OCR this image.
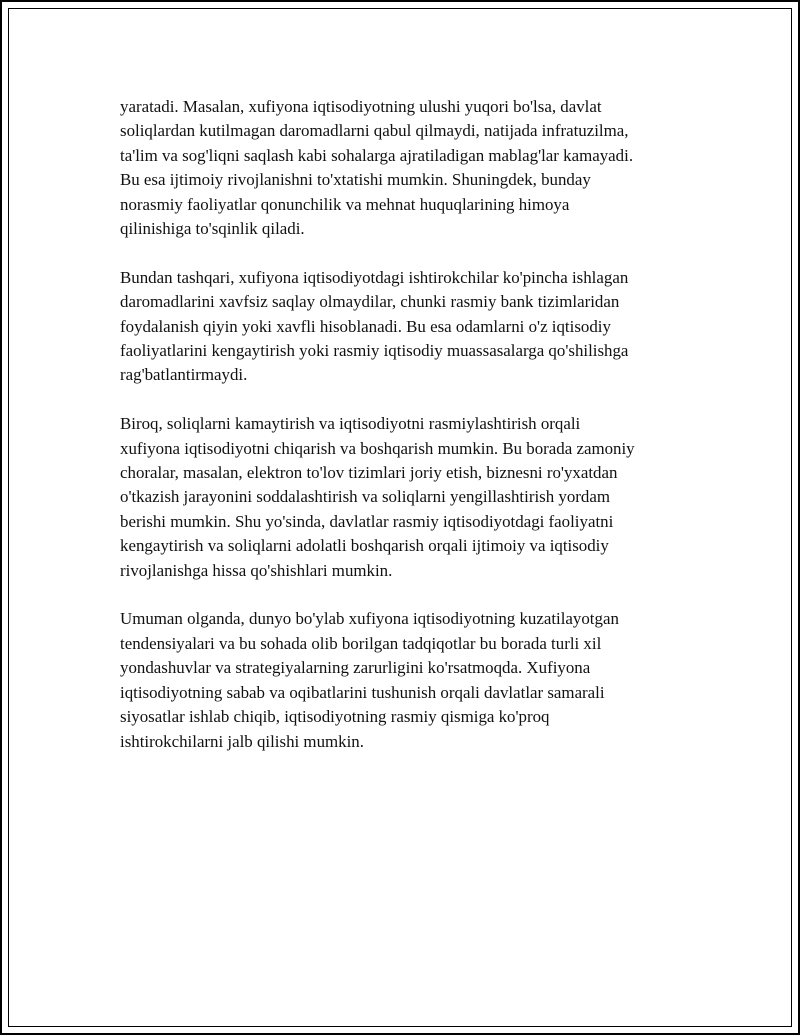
yaratadi. Masalan, xufiyona iqtisodiyotning ulushi yuqori bo'lsa, davlat
soliqlardan kutilmagan daromadlarni qabul qilmaydi, natijada infratuzilma,
ta'lim va sog'liqni saqlash kabi sohalarga ajratiladigan mablag'lar kamayadi.
Bu esa ijtimoiy rivojlanishni to'xtatishi mumkin. Shuningdek, bunday
norasmiy faoliyatlar qonunchilik va mehnat huquqlarining himoya
qilinishiga to'sqinlik qiladi.

Bundan tashqari, xufiyona iqtisodiyotdagi ishtirokchilar ko'pincha ishlagan
daromadlarini xavfsiz saqlay olmaydilar, chunki rasmiy bank tizimlaridan
foydalanish qiyin yoki xavfli hisoblanadi. Bu esa odamlarni o'z iqtisodiy
faoliyatlarini kengaytirish yoki rasmiy iqtisodiy muassasalarga qo'shilishga
rag'batlantirmaydi.

Biroq, soliqlarni kamaytirish va iqtisodiyotni rasmiylashtirish orqali
xufiyona iqtisodiyotni chiqarish va boshqarish mumkin. Bu borada zamoniy
choralar, masalan, elektron to'lov tizimlari joriy etish, biznesni ro'yxatdan
o'tkazish jarayonini soddalashtirish va soliqlarni yengillashtirish yordam
berishi mumkin. Shu yo'sinda, davlatlar rasmiy iqtisodiyotdagi faoliyatni
kengaytirish va soliqlarni adolatli boshqarish orqali ijtimoiy va iqtisodiy
rivojlanishga hissa qo'shishlari mumkin.

Umuman olganda, dunyo bo'ylab xufiyona iqtisodiyotning kuzatilayotgan
tendensiyalari va bu sohada olib borilgan tadqiqotlar bu borada turli xil
yondashuvlar va strategiyalarning zarurligini ko'rsatmoqda. Xufiyona
iqtisodiyotning sabab va oqibatlarini tushunish orqali davlatlar samarali
siyosatlar ishlab chiqib, iqtisodiyotning rasmiy qismiga ko'proq
ishtirokchilarni jalb qilishi mumkin.
